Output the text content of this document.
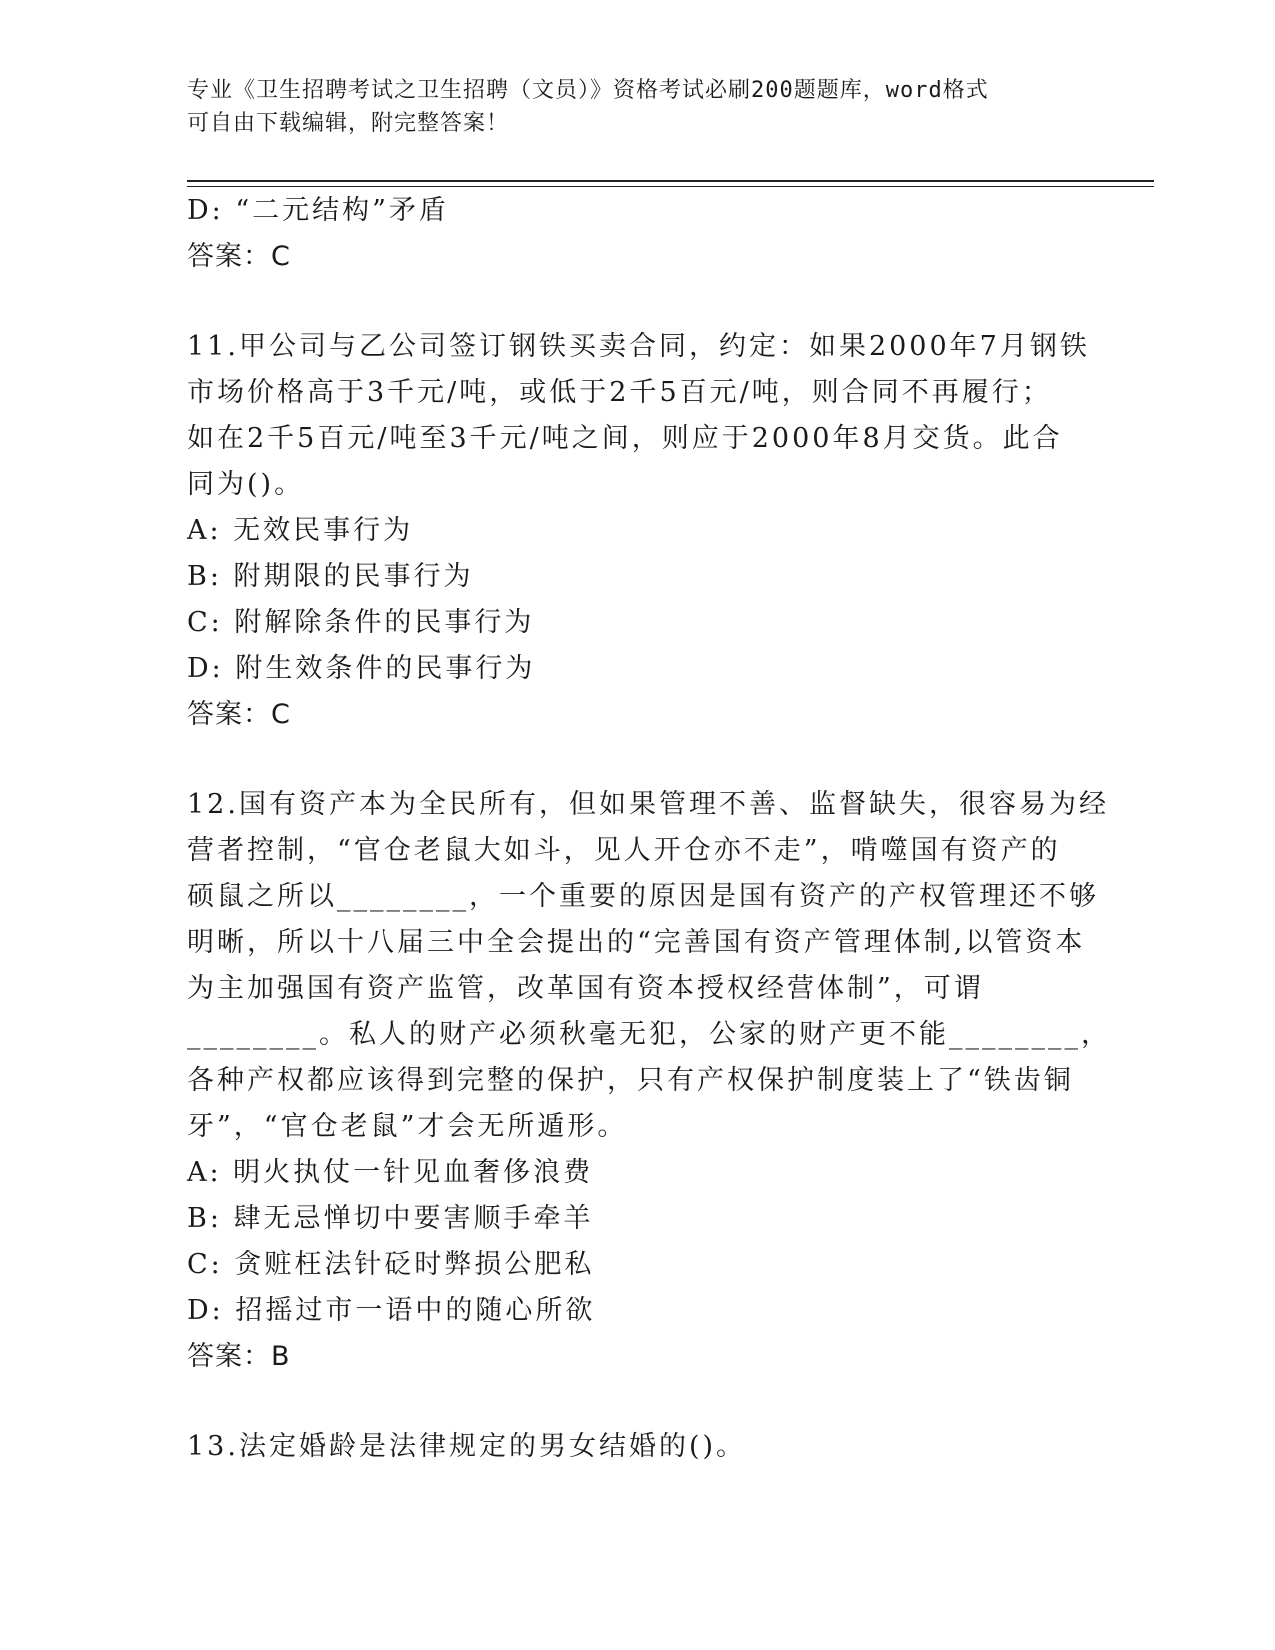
专业《卫生招聘考试之卫生招聘（文员）》资格考试必刷200题题库，word格式
可自由下载编辑，附完整答案！
D: “二元结构”矛盾
答案：C
11.甲公司与乙公司签订钢铁买卖合同，约定：如果2000年7月钢铁
市场价格高于3千元/吨，或低于2千5百元/吨，则合同不再履行；
如在2千5百元/吨至3千元/吨之间，则应于2000年8月交货。此合
同为()。
A: 无效民事行为
B: 附期限的民事行为
C: 附解除条件的民事行为
D: 附生效条件的民事行为
答案：C
12.国有资产本为全民所有，但如果管理不善、监督缺失，很容易为经
营者控制，“官仓老鼠大如斗，见人开仓亦不走”，啃噬国有资产的
硕鼠之所以________，一个重要的原因是国有资产的产权管理还不够
明晰，所以十八届三中全会提出的“完善国有资产管理体制,以管资本
为主加强国有资产监管，改革国有资本授权经营体制”，可谓
________。私人的财产必须秋毫无犯，公家的财产更不能________，
各种产权都应该得到完整的保护，只有产权保护制度装上了“铁齿铜
牙”，“官仓老鼠”才会无所遁形。
A: 明火执仗一针见血奢侈浪费
B: 肆无忌惮切中要害顺手牵羊
C: 贪赃枉法针砭时弊损公肥私
D: 招摇过市一语中的随心所欲
答案：B
13.法定婚龄是法律规定的男女结婚的()。
